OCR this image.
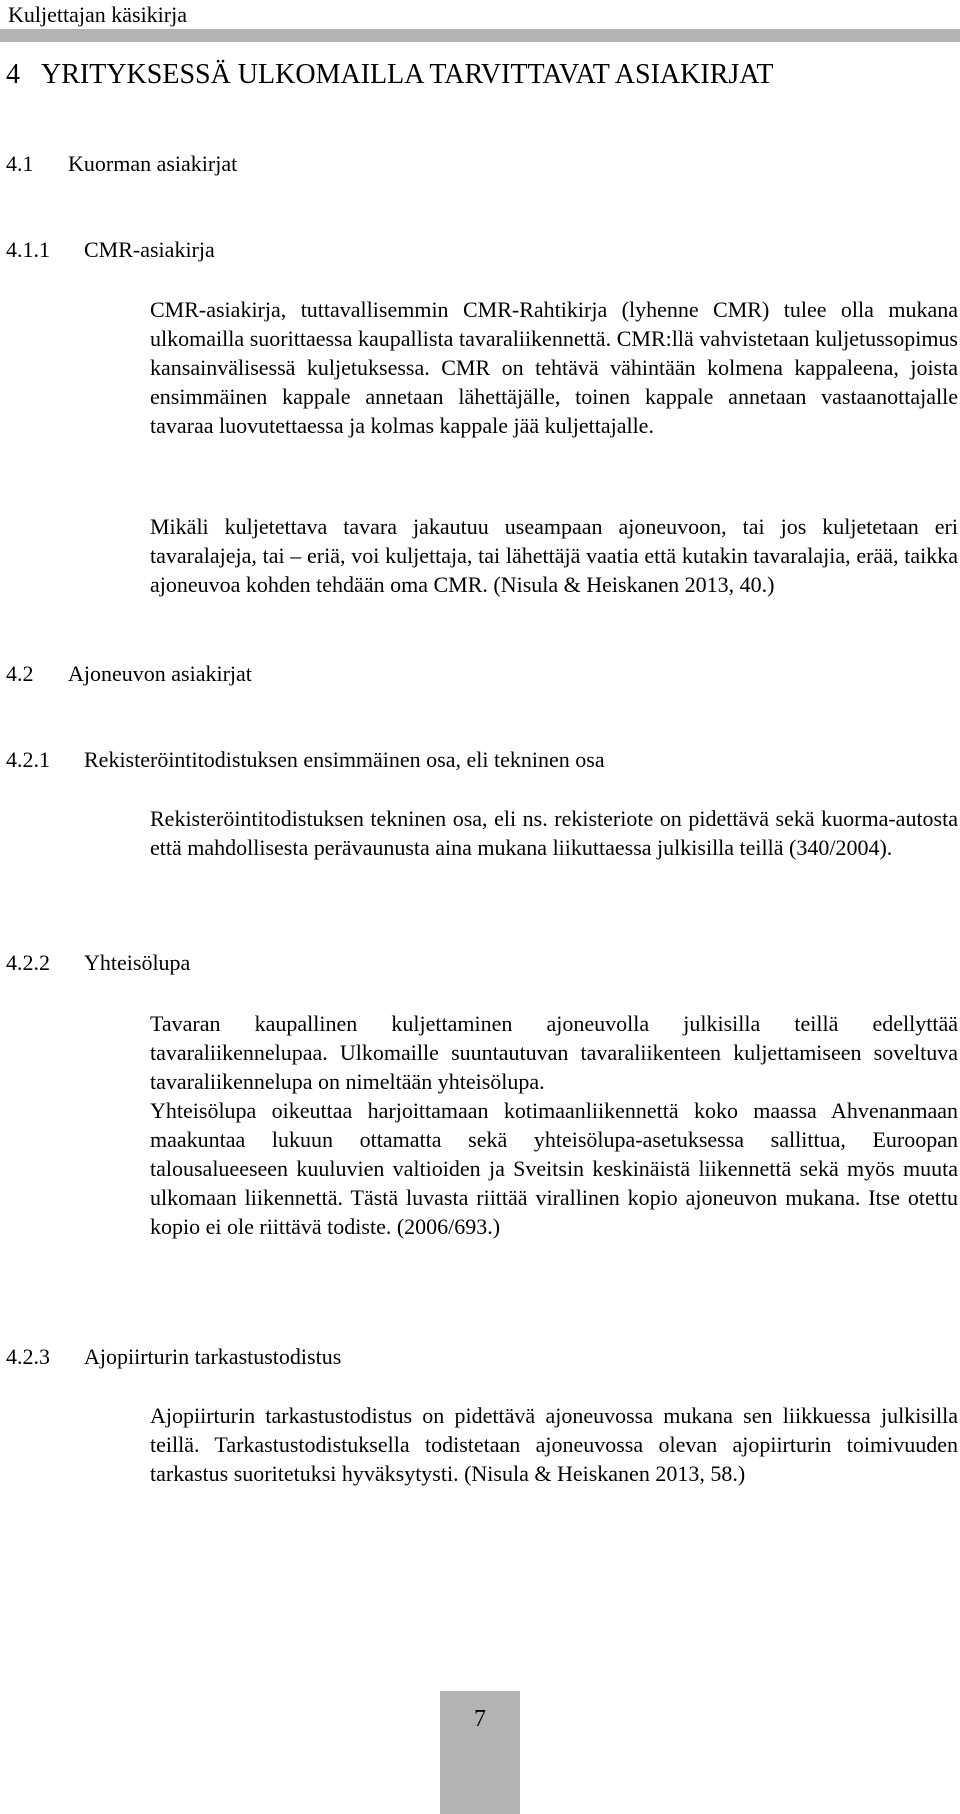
Kuljettajan käsikirja
4 YRITYKSESSÄ ULKOMAILLA TARVITTAVAT ASIAKIRJAT
4.1 Kuorman asiakirjat
4.1.1 CMR-asiakirja

CMR-asiakirja, tuttavallisemmin CMR-Rahtikirja (lyhenne CMR) tulee olla mukana ulkomailla suorittaessa kaupallista tavaraliikennettä. CMR:llä vahvistetaan kuljetussopimus kansainvälisessä kuljetuksessa. CMR on tehtävä vähintään kolmena kappaleena, joista ensimmäinen kappale annetaan lähettäjälle, toinen kappale annetaan vastaanottajalle tavaraa luovutettaessa ja kolmas kappale jää kuljettajalle.

Mikäli kuljetettava tavara jakautuu useampaan ajoneuvoon, tai jos kuljetetaan eri tavaralajeja, tai – eriä, voi kuljettaja, tai lähettäjä vaatia että kutakin tavaralajia, erää, taikka ajoneuvoa kohden tehdään oma CMR. (Nisula & Heiskanen 2013, 40.)

4.2 Ajoneuvon asiakirjat
4.2.1 Rekisteröintitodistuksen ensimmäinen osa, eli tekninen osa

Rekisteröintitodistuksen tekninen osa, eli ns. rekisteriote on pidettävä sekä kuorma-autosta että mahdollisesta perävaunusta aina mukana liikuttaessa julkisilla teillä (340/2004).

4.2.2 Yhteisölupa

Tavaran kaupallinen kuljettaminen ajoneuvolla julkisilla teillä edellyttää tavaraliikennelupaa. Ulkomaille suuntautuvan tavaraliikenteen kuljettamiseen soveltuva tavaraliikennelupa on nimeltään yhteisölupa.

Yhteisölupa oikeuttaa harjoittamaan kotimaanliikennettä koko maassa Ahvenanmaan maakuntaa lukuun ottamatta sekä yhteisölupa-asetuksessa sallittua, Euroopan talousalueeseen kuuluvien valtioiden ja Sveitsin keskinäistä liikennettä sekä myös muuta ulkomaan liikennettä. Tästä luvasta riittää virallinen kopio ajoneuvon mukana. Itse otettu kopio ei ole riittävä todiste. (2006/693.)

4.2.3 Ajopiirturin tarkastustodistus

Ajopiirturin tarkastustodistus on pidettävä ajoneuvossa mukana sen liikkuessa julkisilla teillä. Tarkastustodistuksella todistetaan ajoneuvossa olevan ajopiirturin toimivuuden tarkastus suoritetuksi hyväksytysti. (Nisula & Heiskanen 2013, 58.)

7
